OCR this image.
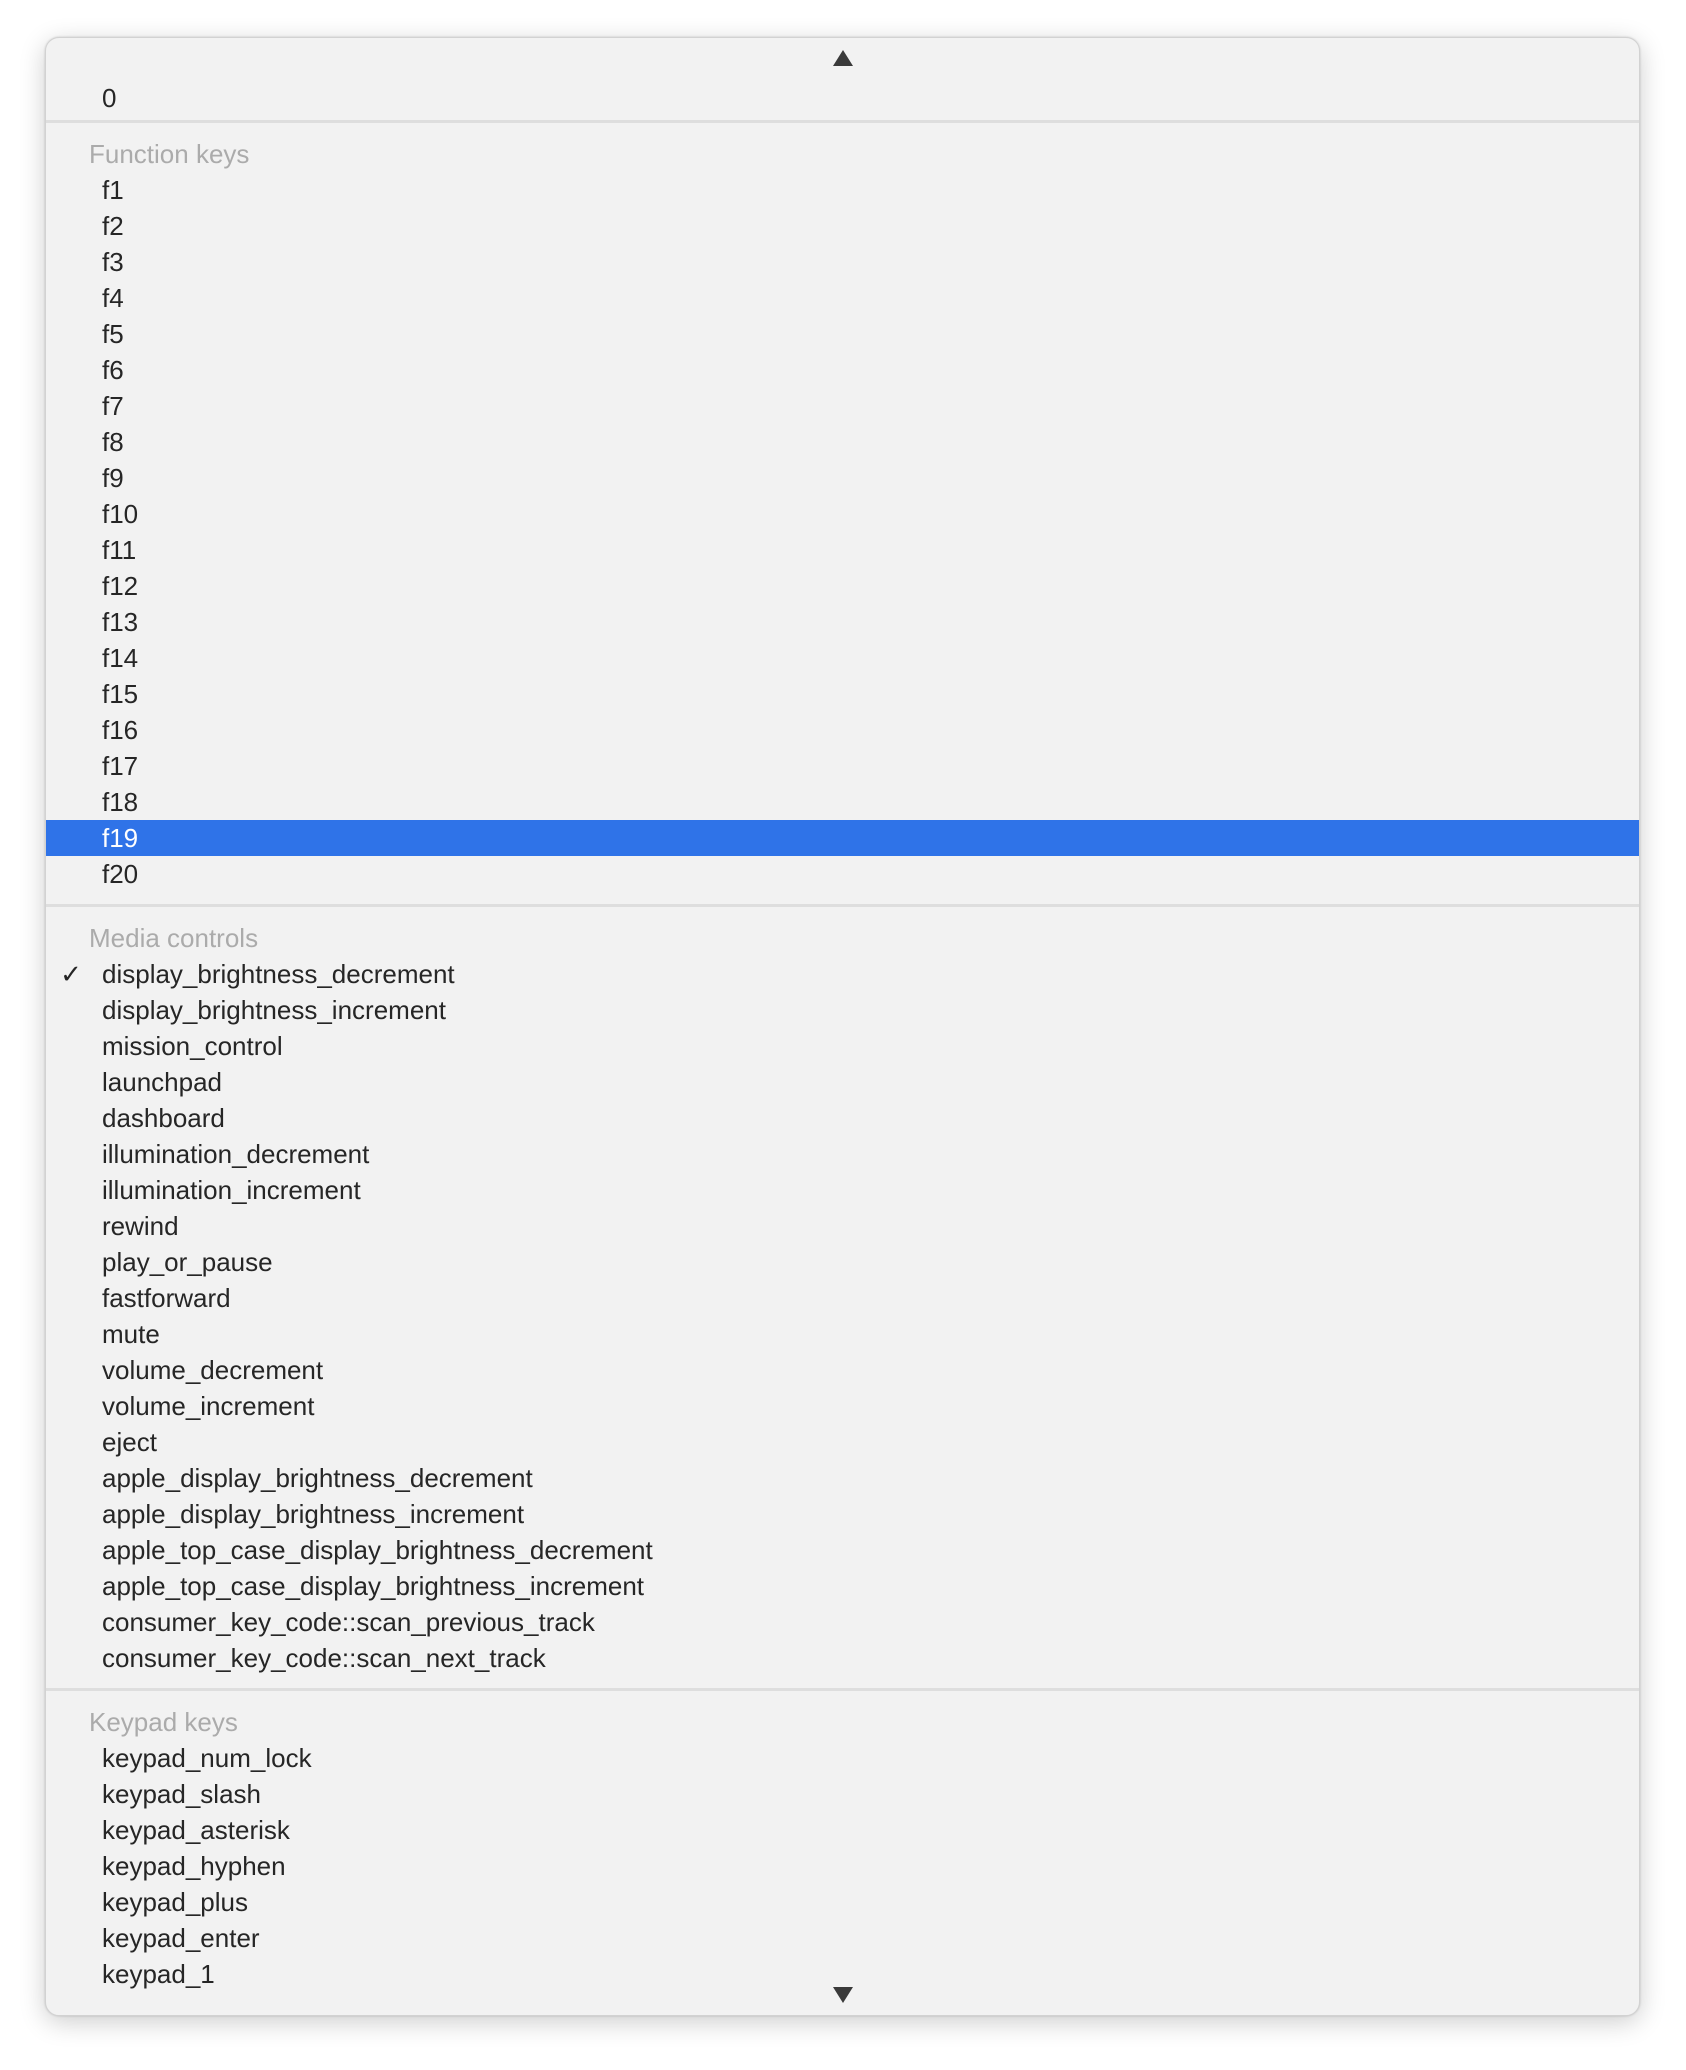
0
Function keys
f1
f2
f3
f4
f5
f6
f7
f8
f9
f10
f11
f12
f13
f14
f15
f16
f17
f18
f19
f20
Media controls
✓ display_brightness_decrement
display_brightness_increment
mission_control
launchpad
dashboard
illumination_decrement
illumination_increment
rewind
play_or_pause
fastforward
mute
volume_decrement
volume_increment
eject
apple_display_brightness_decrement
apple_display_brightness_increment
apple_top_case_display_brightness_decrement
apple_top_case_display_brightness_increment
consumer_key_code::scan_previous_track
consumer_key_code::scan_next_track
Keypad keys
keypad_num_lock
keypad_slash
keypad_asterisk
keypad_hyphen
keypad_plus
keypad_enter
keypad_1
